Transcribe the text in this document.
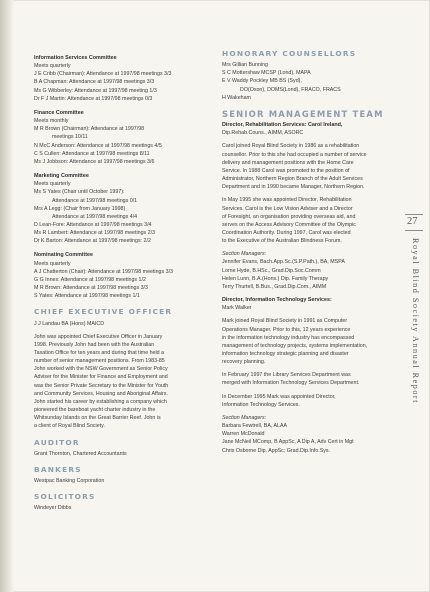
Information Services Committee
Meets quarterly
J E Cribb (Chairman): Attendance at 1997/98 meetings 3/3
B A Chapman: Attendance at 1997/98 meetings 3/3
Ms G Wibberley: Attendance at 1997/98 meeting 1/3
Dr F J Martin: Attendance at 1997/98 meetings 0/3
Finance Committee
Meets monthly
M R Brown (Chairman): Attendance at 1997/98
meetings 10/11
N McC Anderson: Attendance at 1997/98 meetings 4/5
C S Cullen: Attendance at 1997/98 meetings 8/11
Ms J Jobbson: Attendance at 1997/98 meetings 3/6
Marketing Committee
Meets quarterly
Ms S Yates (Chair until October 1997):
Attendance at 1997/98 meetings 0/1
Mrs A Legg: (Chair from January 1998)
Attendance at 1997/98 meetings 4/4
D Lean-Fore: Attendance at 1997/98 meetings 3/4
Ms R Lambert: Attendance at 1997/98 meetings 2/3
Dr K Barton: Attendance at 1997/98 meetings: 2/2
Nominating Committee
Meets quarterly
A J Chatterton (Chair): Attendance at 1997/98 meetings 3/3
G G Innes: Attendance at 1997/98 meetings 1/2
M R Brown: Attendance at 1997/98 meetings 3/3
S Yates: Attendance at 1997/98 meetings 1/1
CHIEF EXECUTIVE OFFICER
J J Landau BA (Hons) MAICD

John was appointed Chief Executive Officer in January

1998. Previously John had been with the Australian

Taxation Office for ten years and during that time held a

number of senior management positions. From 1983-85

John worked with the NSW Government as Senior Policy

Adviser for the Minister for Finance and Employment and

was the Senior Private Secretary to the Minister for Youth

and Community Services, Housing and Aboriginal Affairs.

John started his career by establishing a company which

pioneered the bareboat yacht charter industry in the

Whitsunday Islands on the Great Barrier Reef. John is

a client of Royal Blind Society.

AUDITOR
Grant Thornton, Chartered Accountants
BANKERS
Westpac Banking Corporation
SOLICITORS
Windeyer Dibbs
HONORARY COUNSELLORS
Mrs Gillian Bunning
S C Mottershaw MCSP (Lond), MAPA
E V Waddy Pockley MB BS (Syd),
DO(Oxon), DOMS(Lond), FRACO, FRACS
H Wakeham
SENIOR MANAGEMENT TEAM
Director, Rehabilitation Services: Carol Ireland,
Dip.Rehab.Couns., AIMM, ASORC

Carol joined Royal Blind Society in 1986 as a rehabilitation

counsellor. Prior to this she had occupied a number of service

delivery and management positions with the Home Care

Service. In 1988 Carol was promoted to the position of

Administrator, Northern Region Branch of the Adult Services

Department and in 1990 became Manager, Northern Region.

In May 1995 she was appointed Director, Rehabilitation

Services. Carol is the Low Vision Adviser and a Director

of Foresight, an organisation providing overseas aid, and

serves on the Access Advisory Committee of the Olympic

Coordination Authority. During 1997, Carol was elected

to the Executive of the Australian Blindness Forum.

Section Managers:

Jennifer Evans, Bach.App.Sc.(S.P.Path.), BA, MSPA

Lorne Hyde, B.HSc., Grad.Dip.Soc.Comm

Helen Lunn, B.A.(Hons.) Dip. Family Therapy

Terry Thurtell, B.Bus., Grad.Dip.Com., AIMM

Director, Information Technology Services:
Mark Walker

Mark joined Royal Blind Society in 1991 as Computer

Operations Manager. Prior to this, 12 years experience

in the information technology industry has encompassed

management of technology projects, systems implementation,

information technology strategic planning and disaster

recovery planning.

In February 1997 the Library Services Department was

merged with Information Technology Services Department.

In December 1995 Mark was appointed Director,

Information Technology Services.

Section Managers:

Barbara Fewtrell, BA, ALAA

Warren McDonald

Jane McNeil MComp, B AppSc, A Dip A, Adv Cert in Mgt

Chris Osborne Dip. AppSc; Grad.Dip.Info.Sys.

27
Royal Blind Society Annual Report
